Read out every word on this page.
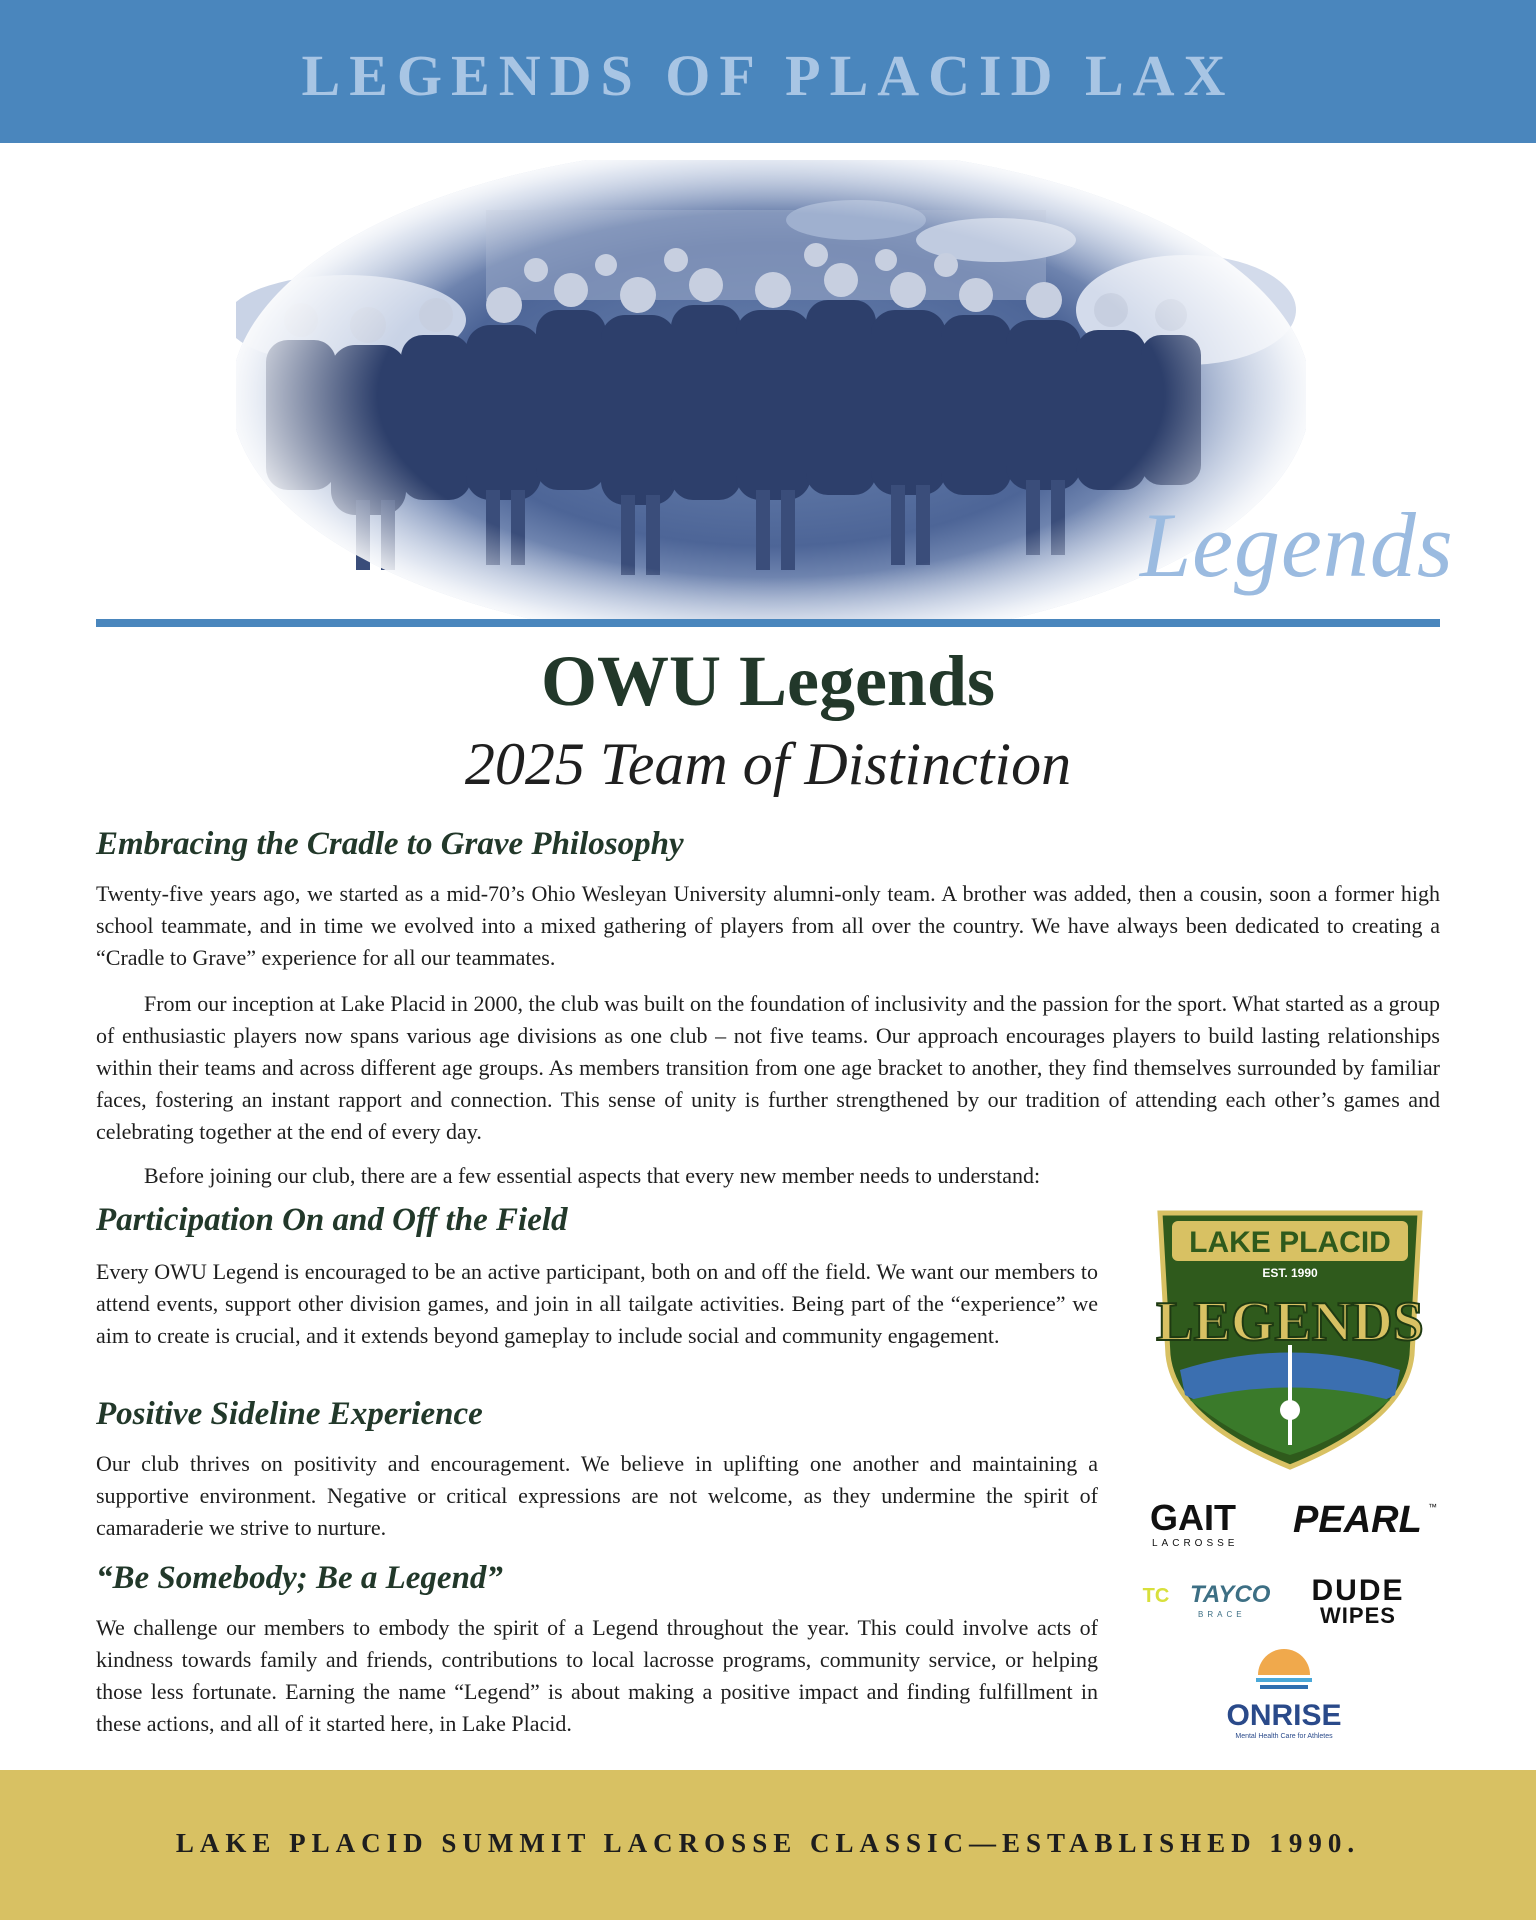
LEGENDS OF PLACID LAX
Legends
OWU Legends
2025 Team of Distinction
Embracing the Cradle to Grave Philosophy
Twenty-five years ago, we started as a mid-70’s Ohio Wesleyan University alumni-only team. A brother was added, then a cousin, soon a former high school teammate, and in time we evolved into a mixed gathering of players from all over the country. We have always been dedicated to creating a “Cradle to Grave” experience for all our teammates.
From our inception at Lake Placid in 2000, the club was built on the foundation of inclusivity and the passion for the sport. What started as a group of enthusiastic players now spans various age divisions as one club – not five teams. Our approach encourages players to build lasting relationships within their teams and across different age groups. As members transition from one age bracket to another, they find themselves surrounded by familiar faces, fostering an instant rapport and connection. This sense of unity is further strengthened by our tradition of attending each other’s games and celebrating together at the end of every day.
Before joining our club, there are a few essential aspects that every new member needs to understand:
Participation On and Off the Field
Every OWU Legend is encouraged to be an active participant, both on and off the field. We want our members to attend events, support other division games, and join in all tailgate activities. Being part of the “experience” we aim to create is crucial, and it extends beyond gameplay to include social and community engagement.
Positive Sideline Experience
Our club thrives on positivity and encouragement. We believe in uplifting one another and maintaining a supportive environment. Negative or critical expressions are not welcome, as they undermine the spirit of camaraderie we strive to nurture.
“Be Somebody; Be a Legend”
We challenge our members to embody the spirit of a Legend throughout the year. This could involve acts of kindness towards family and friends, contributions to local lacrosse programs, community service, or helping those less fortunate. Earning the name “Legend” is about making a positive impact and finding fulfillment in these actions, and all of it started here, in Lake Placid.
LAKE PLACID
EST. 1990
LEGENDS
GAIT
LACROSSE
PEARL ™
TC TAYCO
BRACE
DUDE
WIPES
ONRISE
Mental Health Care for Athletes
LAKE PLACID SUMMIT LACROSSE CLASSIC—ESTABLISHED 1990.
